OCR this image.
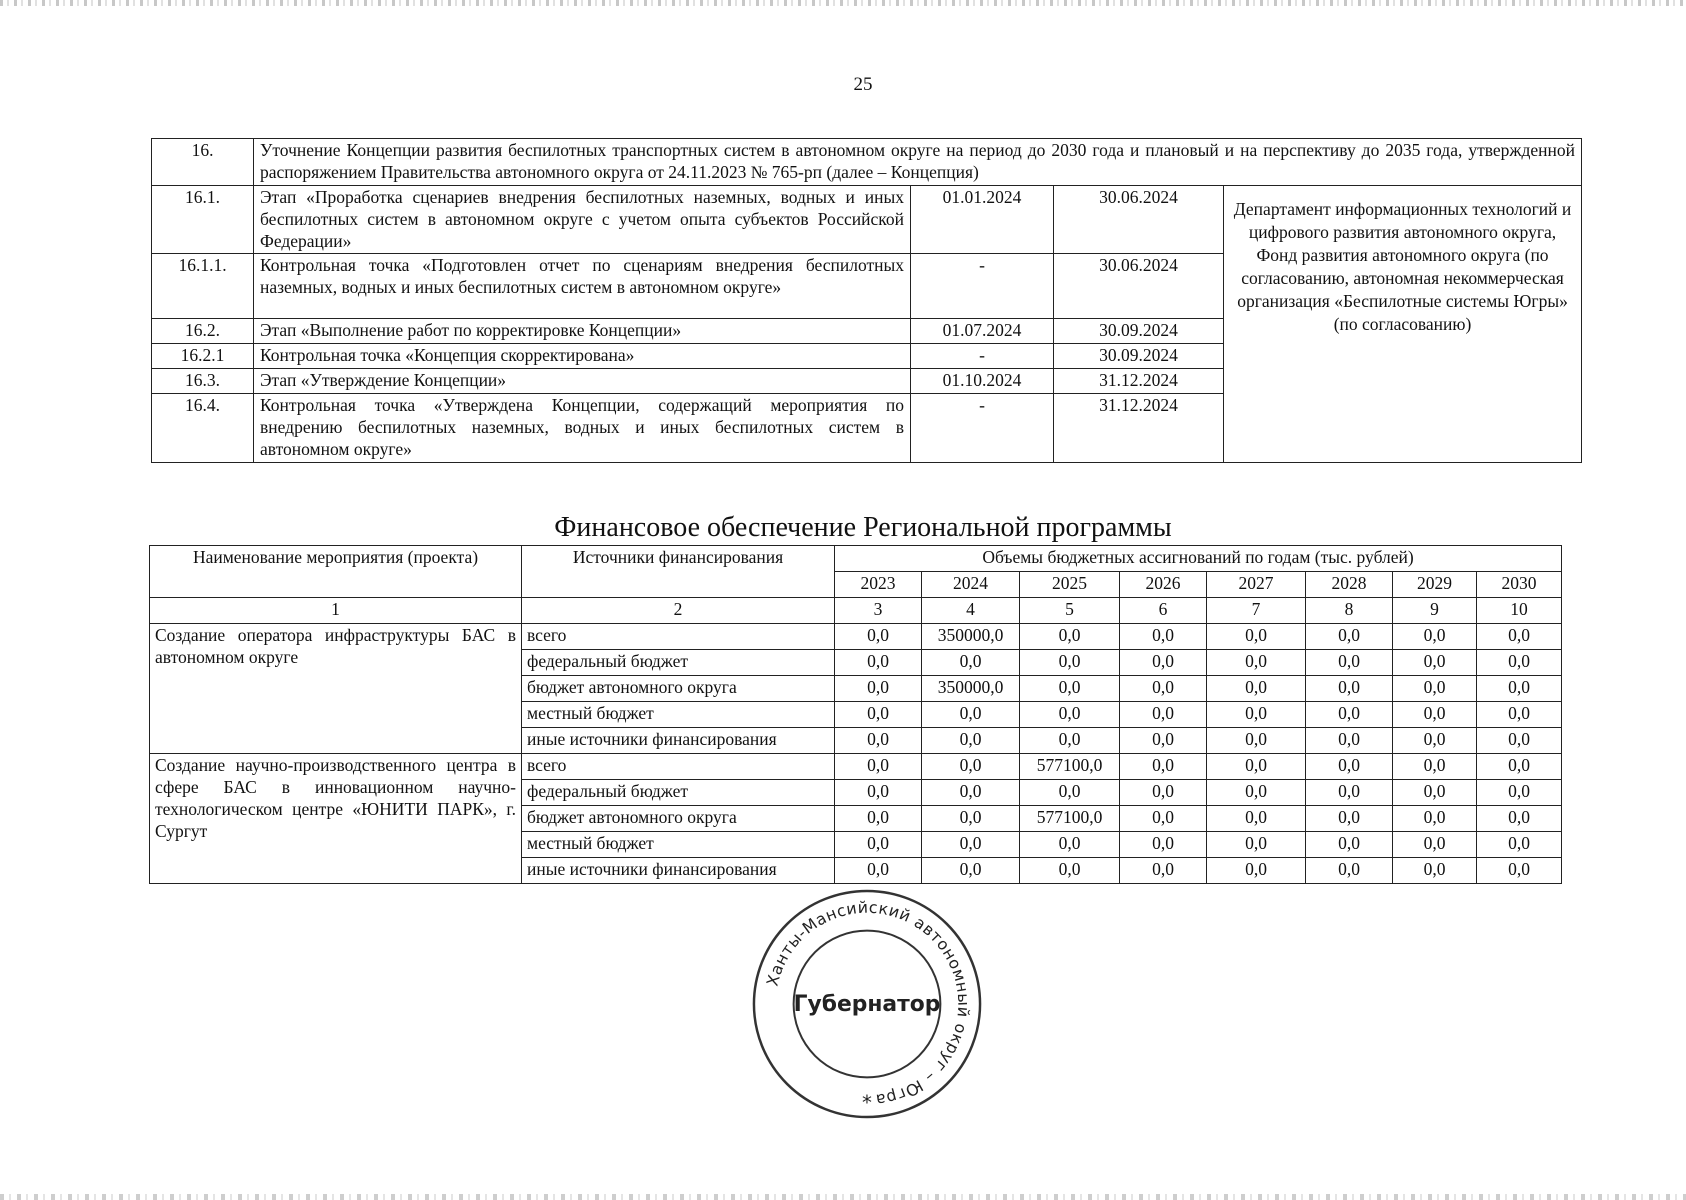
25
16.	Уточнение Концепции развития беспилотных транспортных систем в автономном округе на период до 2030 года и плановый и на перспективу до 2035 года, утвержденной распоряжением Правительства автономного округа от 24.11.2023 № 765-рп (далее – Концепция)			
16.1.	Этап «Проработка сценариев внедрения беспилотных наземных, водных и иных беспилотных систем в автономном округе с учетом опыта субъектов Российской Федерации»	01.01.2024	30.06.2024	Департамент информационных технологий и цифрового развития автономного округа, Фонд развития автономного округа (по согласованию, автономная некоммерческая организация «Беспилотные системы Югры» (по согласованию)
16.1.1.	Контрольная точка «Подготовлен отчет по сценариям внедрения беспилотных наземных, водных и иных беспилотных систем в автономном округе»	-	30.06.2024	
16.2.	Этап «Выполнение работ по корректировке Концепции»	01.07.2024	30.09.2024	
16.2.1	Контрольная точка «Концепция скорректирована»	-	30.09.2024	
16.3.	Этап «Утверждение Концепции»	01.10.2024	31.12.2024	
16.4.	Контрольная точка «Утверждена Концепции, содержащий мероприятия по внедрению беспилотных наземных, водных и иных беспилотных систем в автономном округе»	-	31.12.2024	
Финансовое обеспечение Региональной программы
Наименование мероприятия (проекта)	Источники финансирования	Объемы бюджетных ассигнований по годам (тыс. рублей)							
		2023	2024	2025	2026	2027	2028	2029	2030
1	2	3	4	5	6	7	8	9	10
Создание оператора инфраструктуры БАС в автономном округе	всего	0,0	350000,0	0,0	0,0	0,0	0,0	0,0	0,0
	федеральный бюджет	0,0	0,0	0,0	0,0	0,0	0,0	0,0	0,0
	бюджет автономного округа	0,0	350000,0	0,0	0,0	0,0	0,0	0,0	0,0
	местный бюджет	0,0	0,0	0,0	0,0	0,0	0,0	0,0	0,0
	иные источники финансирования	0,0	0,0	0,0	0,0	0,0	0,0	0,0	0,0
Создание научно-производственного центра в сфере БАС в инновационном научно-технологическом центре «ЮНИТИ ПАРК», г. Сургут	всего	0,0	0,0	577100,0	0,0	0,0	0,0	0,0	0,0
	федеральный бюджет	0,0	0,0	0,0	0,0	0,0	0,0	0,0	0,0
	бюджет автономного округа	0,0	0,0	577100,0	0,0	0,0	0,0	0,0	0,0
	местный бюджет	0,0	0,0	0,0	0,0	0,0	0,0	0,0	0,0
	иные источники финансирования	0,0	0,0	0,0	0,0	0,0	0,0	0,0	0,0
Ханты-Мансийский автономный округ – Югра
Губернатор
*
